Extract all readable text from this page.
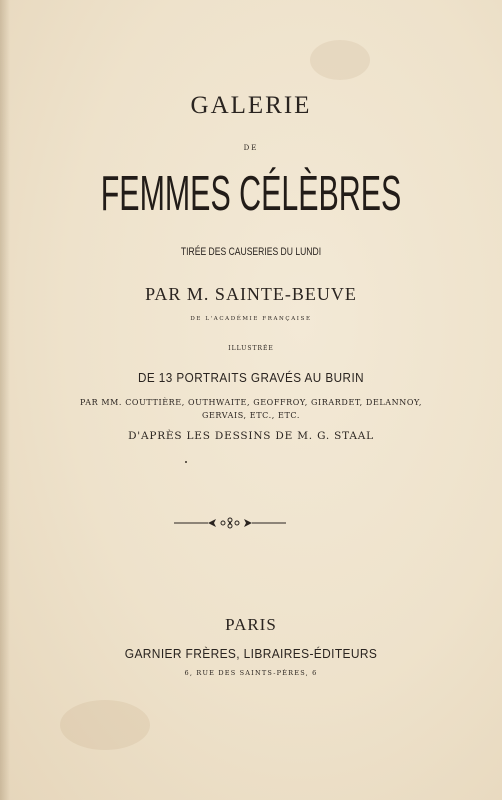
GALERIE
DE
FEMMES CÉLÈBRES
TIRÉE DES CAUSERIES DU LUNDI
PAR M. SAINTE-BEUVE
DE L'ACADÉMIE FRANÇAISE
ILLUSTRÉE
DE 13 PORTRAITS GRAVÉS AU BURIN
PAR MM. COUTTIÈRE, OUTHWAITE, GEOFFROY, GIRARDET, DELANNOY,
GERVAIS, ETC., ETC.
D'APRÈS LES DESSINS DE M. G. STAAL
PARIS
GARNIER FRÈRES, LIBRAIRES-ÉDITEURS
6, RUE DES SAINTS-PÈRES, 6
